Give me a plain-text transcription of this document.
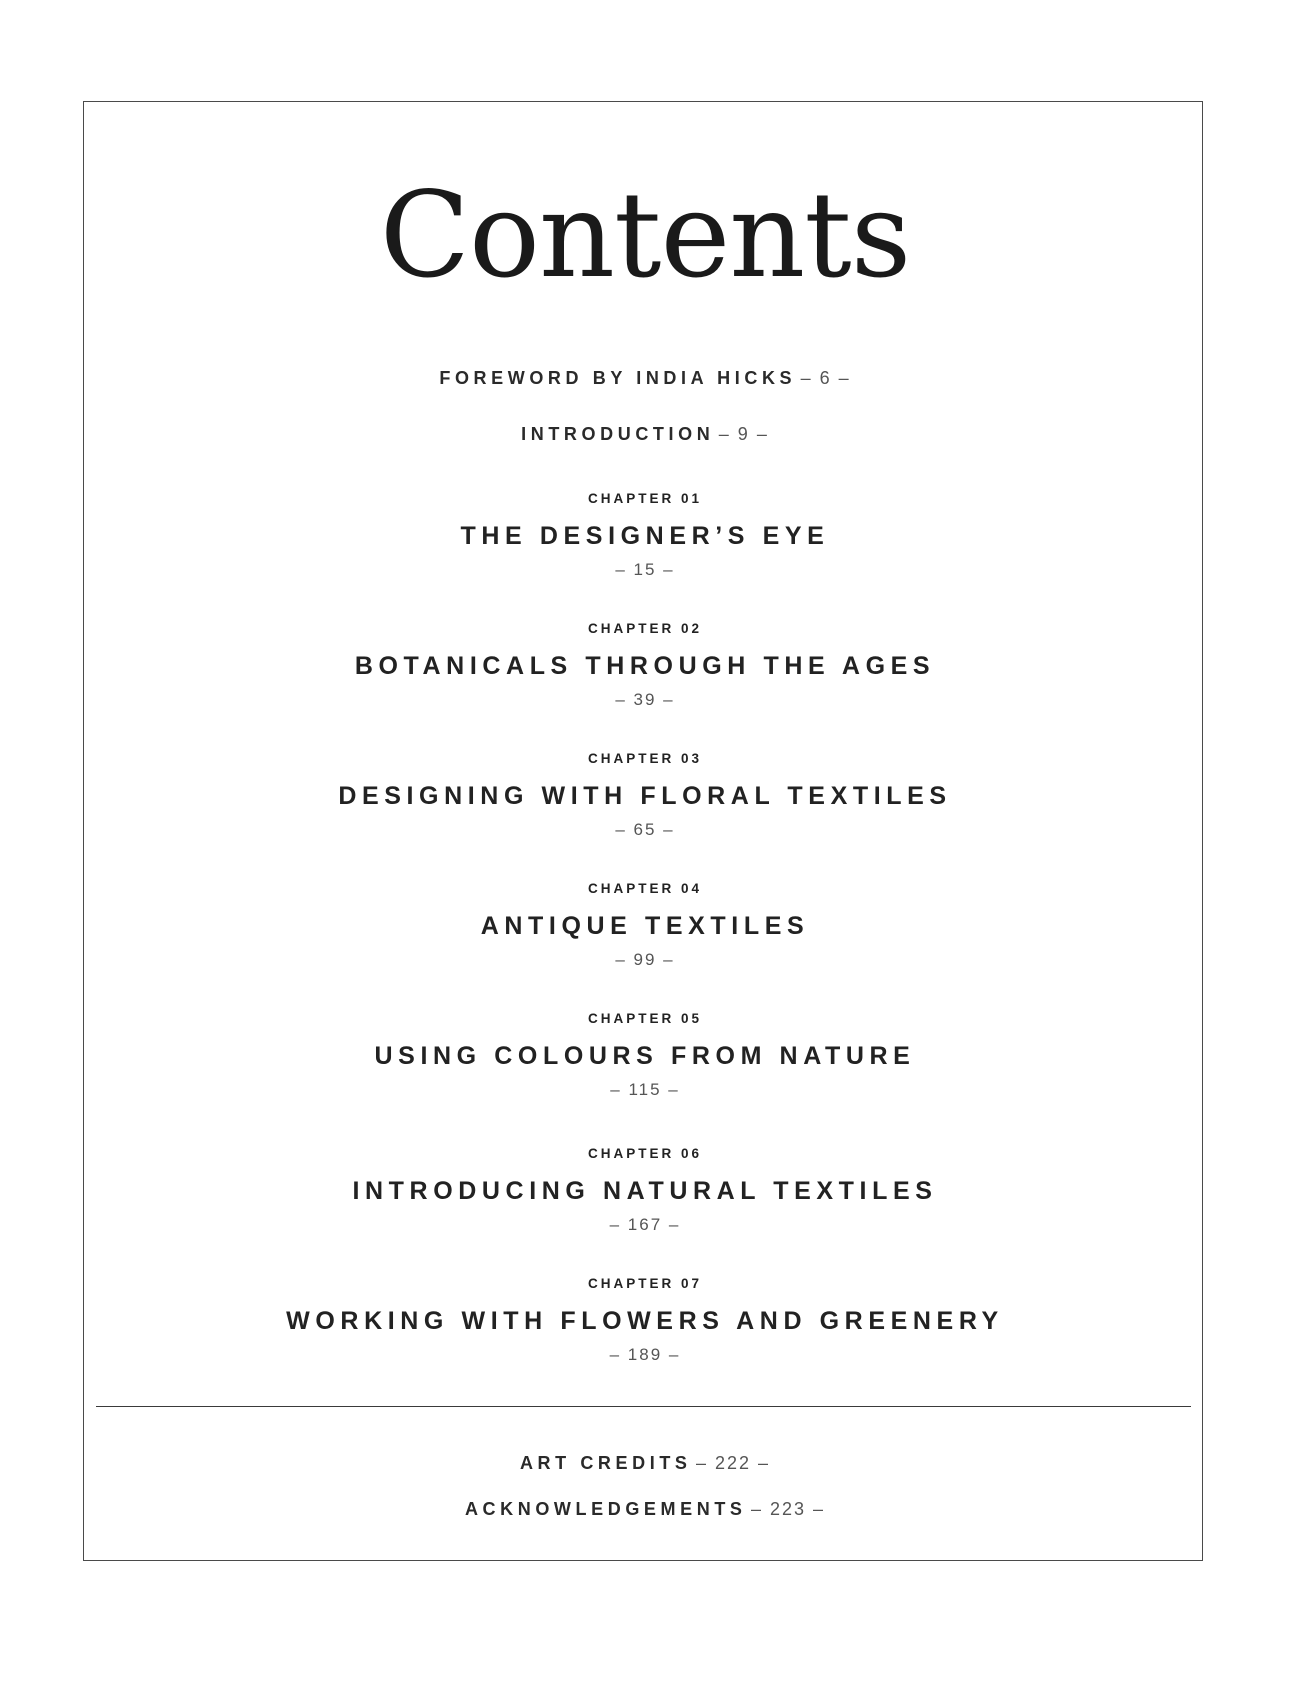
Contents
FOREWORD BY INDIA HICKS – 6 –
INTRODUCTION – 9 –
CHAPTER 01
THE DESIGNER’S EYE
– 15 –
CHAPTER 02
BOTANICALS THROUGH THE AGES
– 39 –
CHAPTER 03
DESIGNING WITH FLORAL TEXTILES
– 65 –
CHAPTER 04
ANTIQUE TEXTILES
– 99 –
CHAPTER 05
USING COLOURS FROM NATURE
– 115 –
CHAPTER 06
INTRODUCING NATURAL TEXTILES
– 167 –
CHAPTER 07
WORKING WITH FLOWERS AND GREENERY
– 189 –
ART CREDITS – 222 –
ACKNOWLEDGEMENTS – 223 –
